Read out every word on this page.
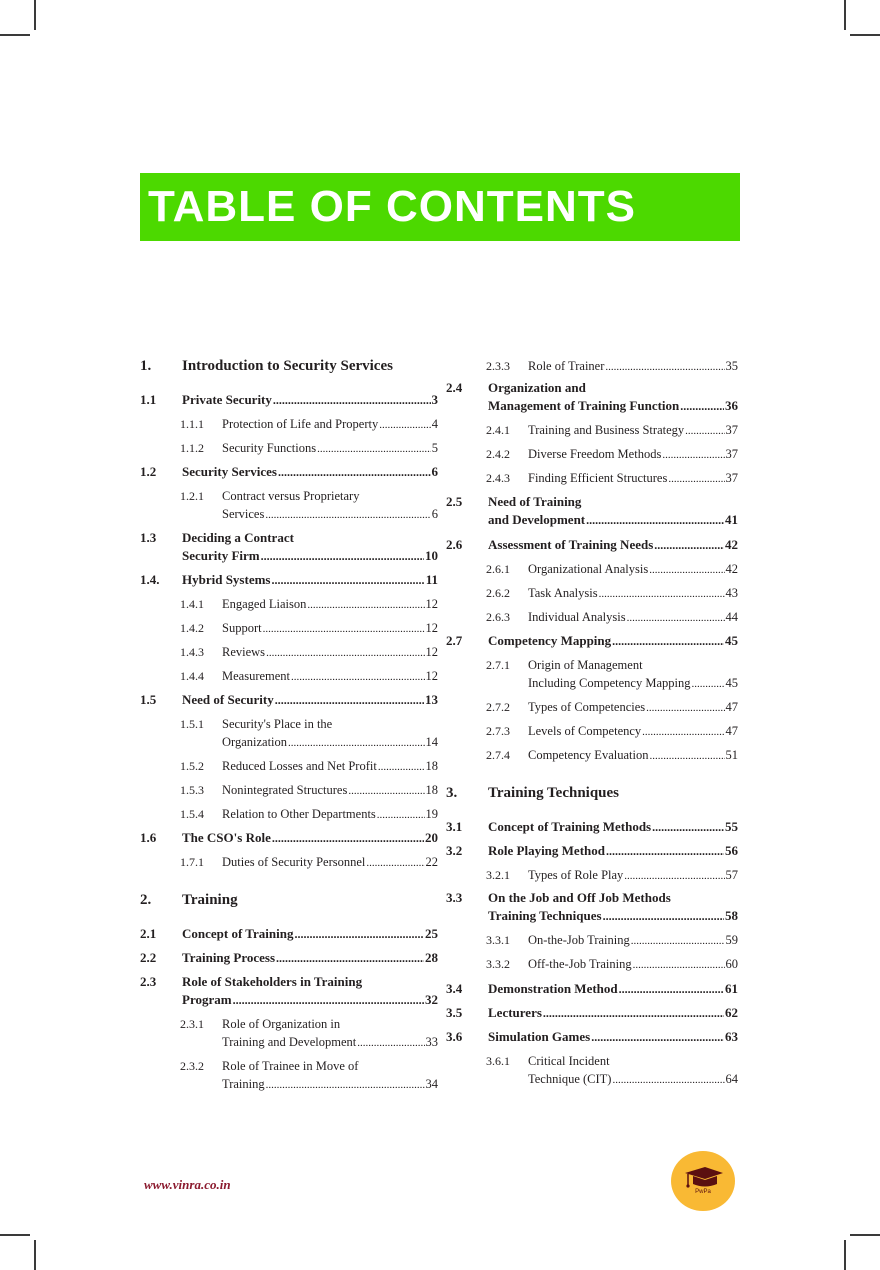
TABLE OF CONTENTS
1. Introduction to Security Services
1.1 Private Security .....	3
1.1.1 Protection of Life and Property .....	4
1.1.2 Security Functions .....	5
1.2 Security Services .....	6
1.2.1 Contract versus Proprietary
Services .....	6
1.3 Deciding a Contract
Security Firm .....	10
1.4. Hybrid Systems .....	11
1.4.1 Engaged Liaison .....	12
1.4.2 Support .....	12
1.4.3 Reviews .....	12
1.4.4 Measurement .....	12
1.5 Need of Security .....	13
1.5.1 Security's Place in the
Organization .....	14
1.5.2 Reduced Losses and Net Profit .....	18
1.5.3 Nonintegrated Structures .....	18
1.5.4 Relation to Other Departments .....	19
1.6 The CSO's Role .....	20
1.7.1 Duties of Security Personnel .....	22
2. Training
2.1 Concept of Training .....	25
2.2 Training Process .....	28
2.3 Role of Stakeholders in Training
Program .....	32
2.3.1 Role of Organization in
Training and Development .....	33
2.3.2 Role of Trainee in Move of
Training .....	34
2.3.3 Role of Trainer .....	35
2.4 Organization and
Management of Training Function .....	36
2.4.1 Training and Business Strategy .....	37
2.4.2 Diverse Freedom Methods .....	37
2.4.3 Finding Efficient Structures .....	37
2.5 Need of Training
and Development .....	41
2.6 Assessment of Training Needs .....	42
2.6.1 Organizational Analysis .....	42
2.6.2 Task Analysis .....	43
2.6.3 Individual Analysis .....	44
2.7 Competency Mapping .....	45
2.7.1 Origin of Management
Including Competency Mapping .....	45
2.7.2 Types of Competencies .....	47
2.7.3 Levels of Competency .....	47
2.7.4 Competency Evaluation .....	51
3. Training Techniques
3.1 Concept of Training Methods .....	55
3.2 Role Playing Method .....	56
3.2.1 Types of Role Play .....	57
3.3 On the Job and Off Job Methods
Training Techniques .....	58
3.3.1 On-the-Job Training .....	59
3.3.2 Off-the-Job Training .....	60
3.4 Demonstration Method .....	61
3.5 Lecturers .....	62
3.6 Simulation Games .....	63
3.6.1 Critical Incident
Technique (CIT) .....	64
www.vinra.co.in	PwPa
